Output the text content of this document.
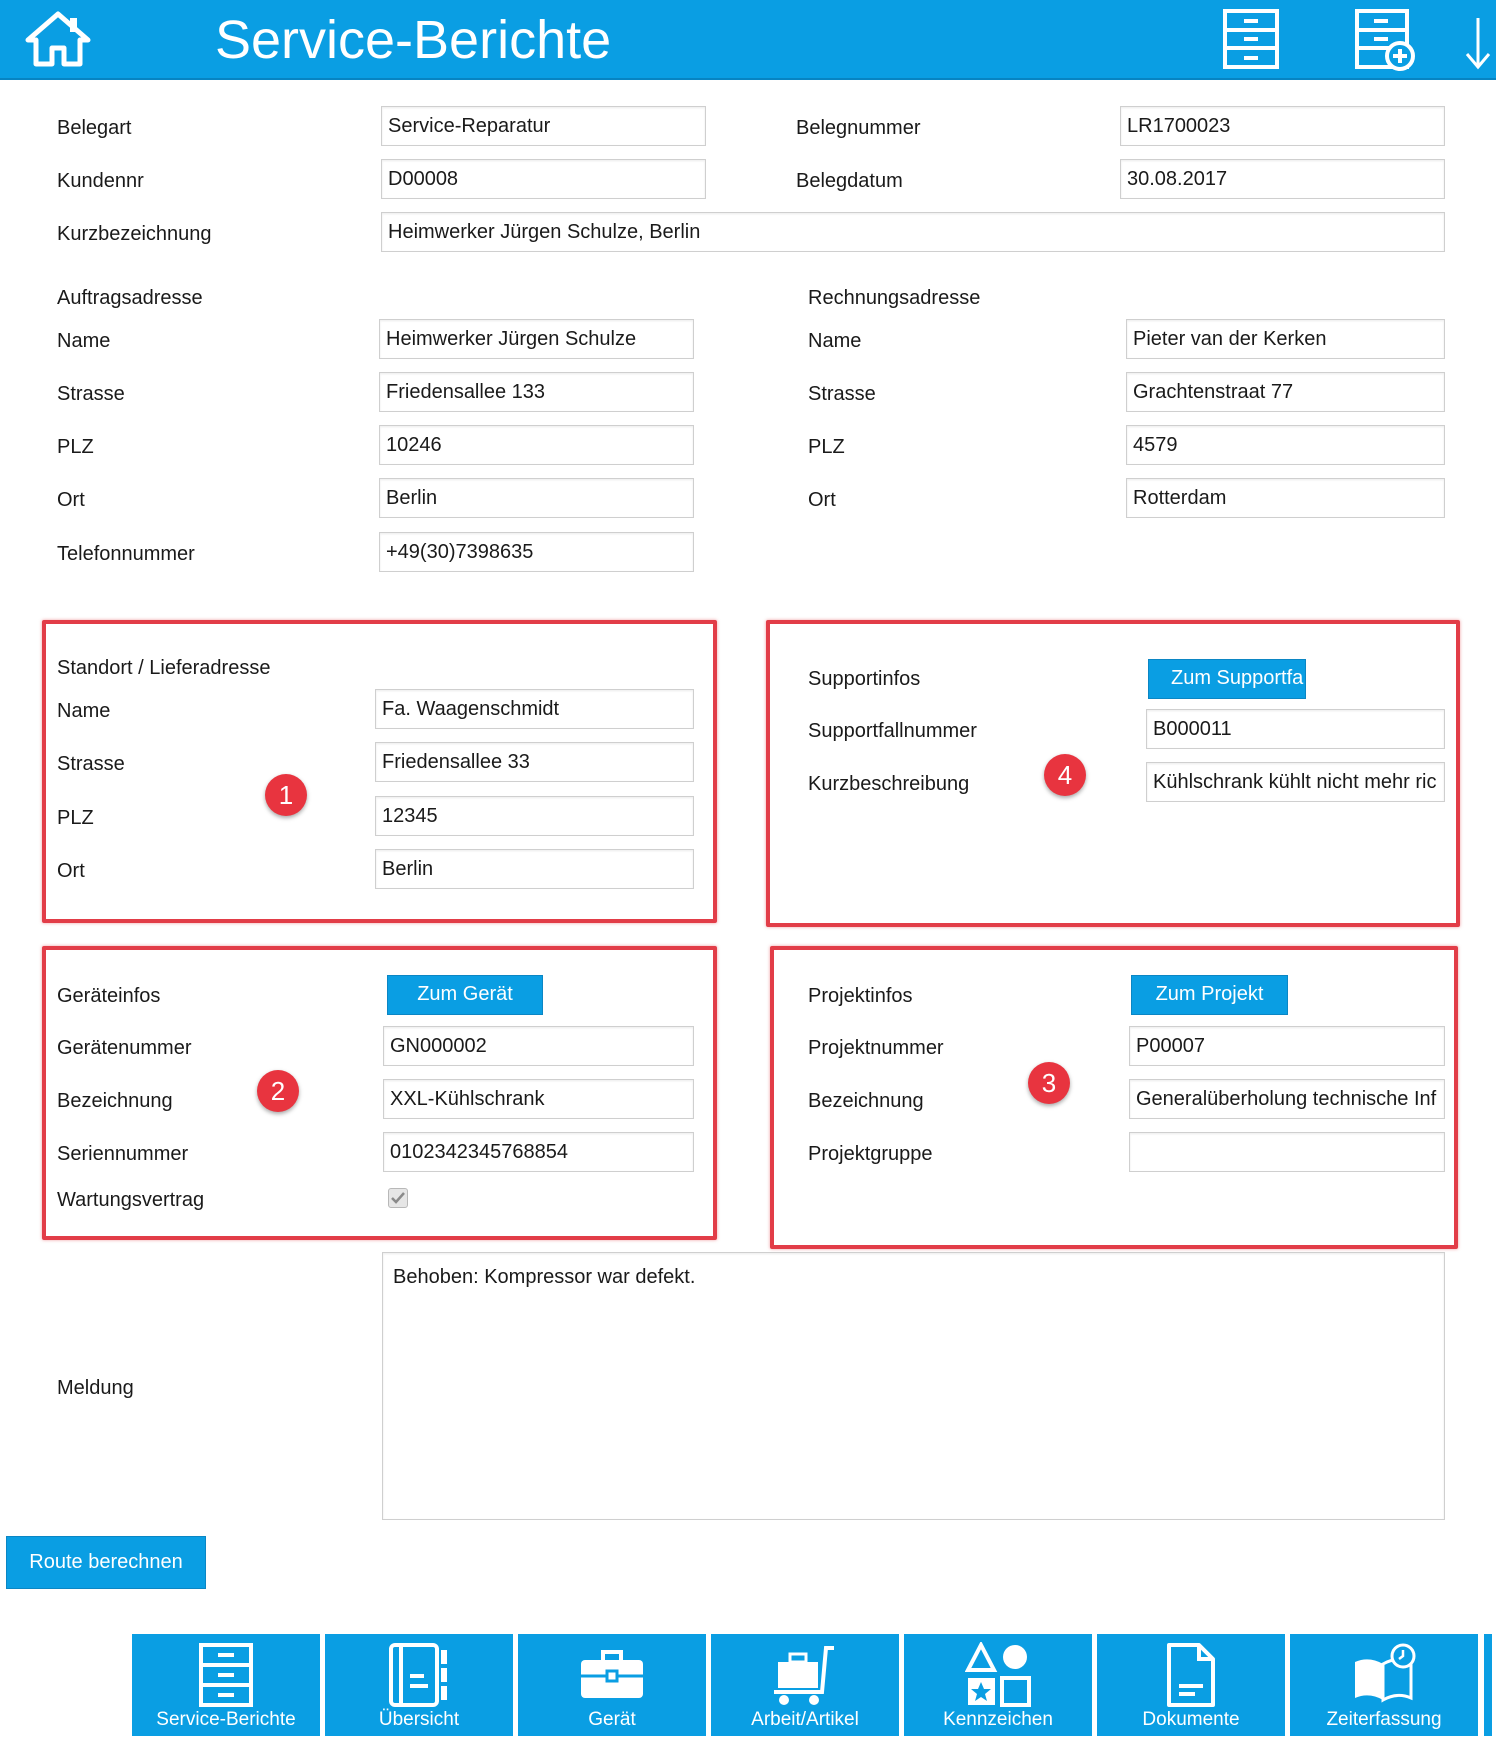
Service-Berichte
Belegart	Service-Reparatur	Belegnummer	LR1700023
Kundennr	D00008	Belegdatum	30.08.2017
Kurzbezeichnung	Heimwerker Jürgen Schulze, Berlin
Auftragsadresse
Name	Heimwerker Jürgen Schulze
Strasse	Friedensallee 133
PLZ	10246
Ort	Berlin
Telefonnummer	+49(30)7398635
Rechnungsadresse
Name	Pieter van der Kerken
Strasse	Grachtenstraat 77
PLZ	4579
Ort	Rotterdam
Standort / Lieferadresse
Name	Fa. Waagenschmidt
Strasse	Friedensallee 33
PLZ	12345
Ort	Berlin
1
Supportinfos	Zum Supportfa
Supportfallnummer	B000011
Kurzbeschreibung	Kühlschrank kühlt nicht mehr ric
4
Geräteinfos	Zum Gerät
Gerätenummer	GN000002
Bezeichnung	XXL-Kühlschrank
Seriennummer	0102342345768854
Wartungsvertrag
2
Projektinfos	Zum Projekt
Projektnummer	P00007
Bezeichnung	Generalüberholung technische Inf
Projektgruppe
3
Meldung
Behoben: Kompressor war defekt.
Route berechnen
Service-Berichte	Übersicht	Gerät	Arbeit/Artikel	Kennzeichen	Dokumente	Zeiterfassung
